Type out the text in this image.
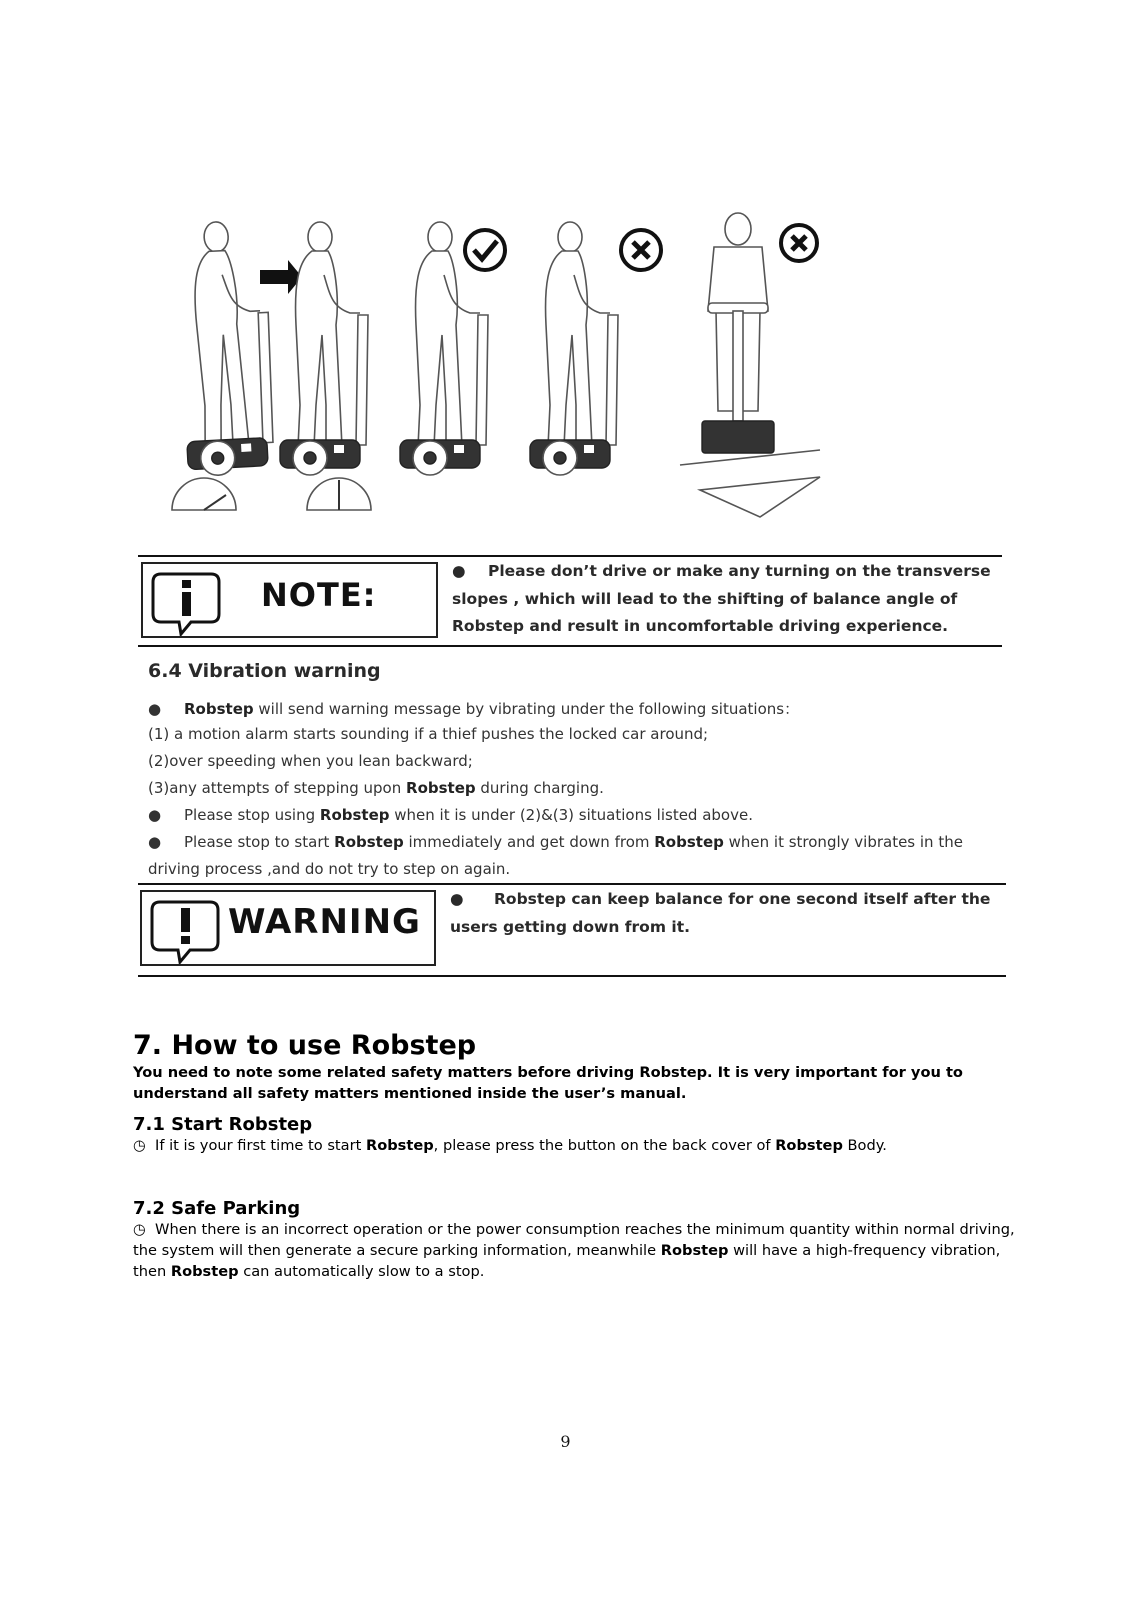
NOTE:
● Please don’t drive or make any turning on the transverse
slopes , which will lead to the shifting of balance angle of
Robstep and result in uncomfortable driving experience.
6.4 Vibration warning
● Robstep will send warning message by vibrating under the following situations：
(1) a motion alarm starts sounding if a thief pushes the locked car around;
(2)over speeding when you lean backward;
(3)any attempts of stepping upon Robstep during charging.
● Please stop using Robstep when it is under (2)&(3) situations listed above.
● Please stop to start Robstep immediately and get down from Robstep when it strongly vibrates in the
driving process ,and do not try to step on again.
WARNING
● Robstep can keep balance for one second itself after the
users getting down from it.
7. How to use Robstep
You need to note some related safety matters before driving Robstep. It is very important for you to understand all safety matters mentioned inside the user’s manual.
7.1 Start Robstep
◷  If it is your first time to start Robstep, please press the button on the back cover of Robstep Body.
7.2 Safe Parking
◷  When there is an incorrect operation or the power consumption reaches the minimum quantity within normal driving, the system will then generate a secure parking information, meanwhile Robstep will have a high-frequency vibration, then Robstep can automatically slow to a stop.
9
